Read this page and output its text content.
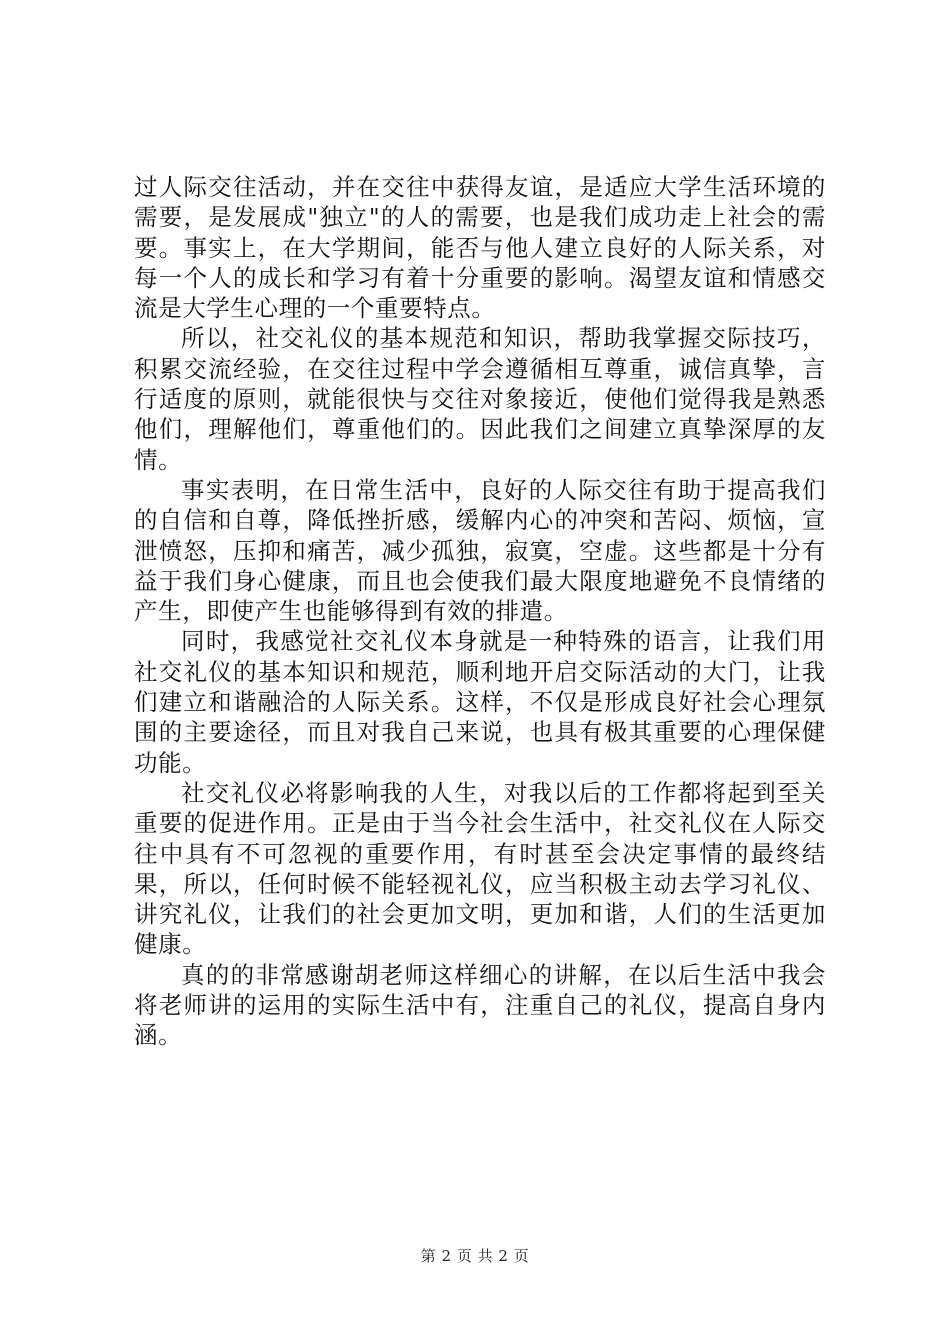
过人际交往活动，并在交往中获得友谊，是适应大学生活环境的需要，是发展成"独立"的人的需要，也是我们成功走上社会的需要。事实上，在大学期间，能否与他人建立良好的人际关系，对每一个人的成长和学习有着十分重要的影响。渴望友谊和情感交流是大学生心理的一个重要特点。

所以，社交礼仪的基本规范和知识，帮助我掌握交际技巧，积累交流经验，在交往过程中学会遵循相互尊重，诚信真挚，言行适度的原则，就能很快与交往对象接近，使他们觉得我是熟悉他们，理解他们，尊重他们的。因此我们之间建立真挚深厚的友情。

事实表明，在日常生活中，良好的人际交往有助于提高我们的自信和自尊，降低挫折感，缓解内心的冲突和苦闷、烦恼，宣泄愤怒，压抑和痛苦，减少孤独，寂寞，空虚。这些都是十分有益于我们身心健康，而且也会使我们最大限度地避免不良情绪的产生，即使产生也能够得到有效的排遣。

同时，我感觉社交礼仪本身就是一种特殊的语言，让我们用社交礼仪的基本知识和规范，顺利地开启交际活动的大门，让我们建立和谐融洽的人际关系。这样，不仅是形成良好社会心理氛围的主要途径，而且对我自己来说，也具有极其重要的心理保健功能。

社交礼仪必将影响我的人生，对我以后的工作都将起到至关重要的促进作用。正是由于当今社会生活中，社交礼仪在人际交往中具有不可忽视的重要作用，有时甚至会决定事情的最终结果，所以，任何时候不能轻视礼仪，应当积极主动去学习礼仪、讲究礼仪，让我们的社会更加文明，更加和谐，人们的生活更加健康。

真的的非常感谢胡老师这样细心的讲解，在以后生活中我会将老师讲的运用的实际生活中有，注重自己的礼仪，提高自身内涵。

第 2 页 共 2 页
